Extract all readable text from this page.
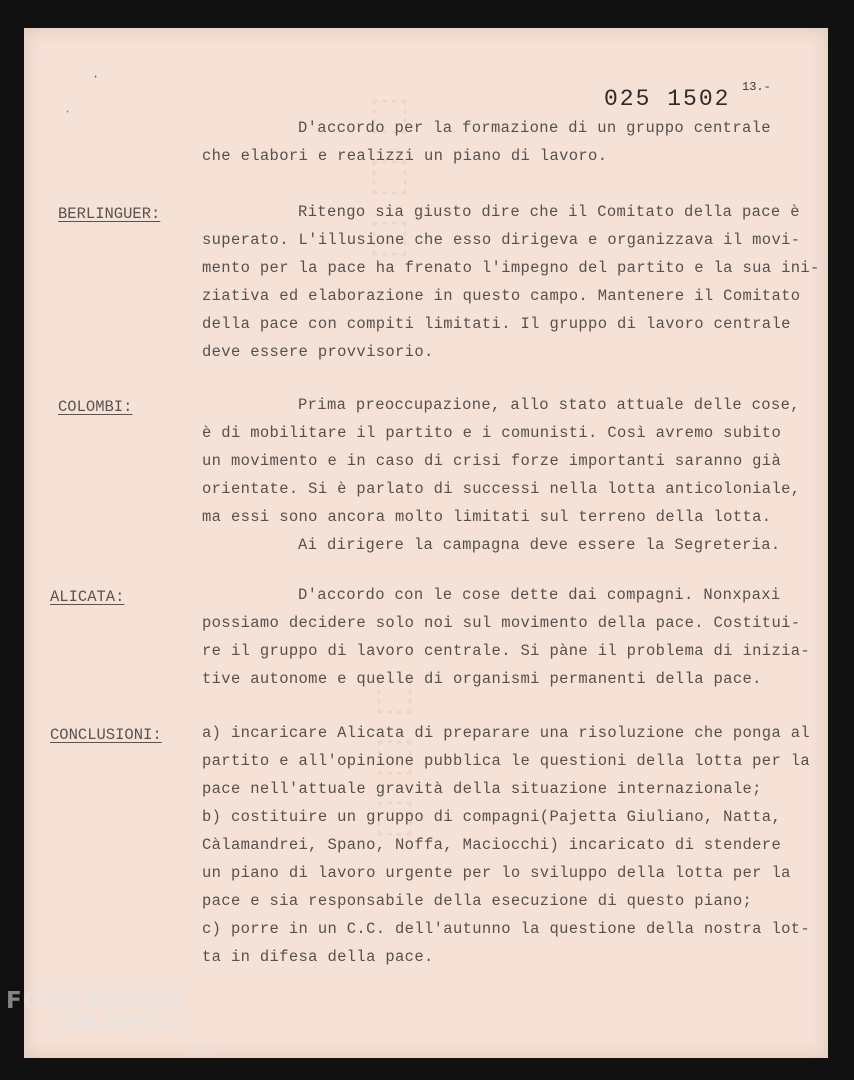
⬚⬚⬚
⬚⬚⬚
·
ˏ	025 1502 13.-
D'accordo per la formazione di un gruppo centrale
che elabori e realizzi un piano di lavoro.
BERLINGUER:	Ritengo sia giusto dire che il Comitato della pace è
superato. L'illusione che esso dirigeva e organizzava il movi-
mento per la pace ha frenato l'impegno del partito e la sua ini-
ziativa ed elaborazione in questo campo. Mantenere il Comitato
della pace con compiti limitati. Il gruppo di lavoro centrale
deve essere provvisorio.
COLOMBI:	Prima preoccupazione, allo stato attuale delle cose,
è di mobilitare il partito e i comunisti. Così avremo subito
un movimento e in caso di crisi forze importanti saranno già
orientate. Si è parlato di successi nella lotta anticoloniale,
ma essi sono ancora molto limitati sul terreno della lotta.
Ai dirigere la campagna deve essere la Segreteria.
ALICATA:	D'accordo con le cose dette dai compagni. Nonxpaxi
possiamo decidere solo noi sul movimento della pace. Costitui-
re il gruppo di lavoro centrale. Si pàne il problema di inizia-
tive autonome e quelle di organismi permanenti della pace.
CONCLUSIONI:	a) incaricare Alicata di preparare una risoluzione che ponga al
partito e all'opinione pubblica le questioni della lotta per la
pace nell'attuale gravità della situazione internazionale;
b) costituire un gruppo di compagni(Pajetta Giuliano, Natta,
Càlamandrei, Spano, Noffa, Maciocchi) incaricato di stendere
un piano di lavoro urgente per lo sviluppo della lotta per la
pace e sia responsabile della esecuzione di questo piano;
c) porre in un C.C. dell'autunno la questione della nostra lot-
ta in difesa della pace.
FONDAZIONE
GRAMSCI
onlus
